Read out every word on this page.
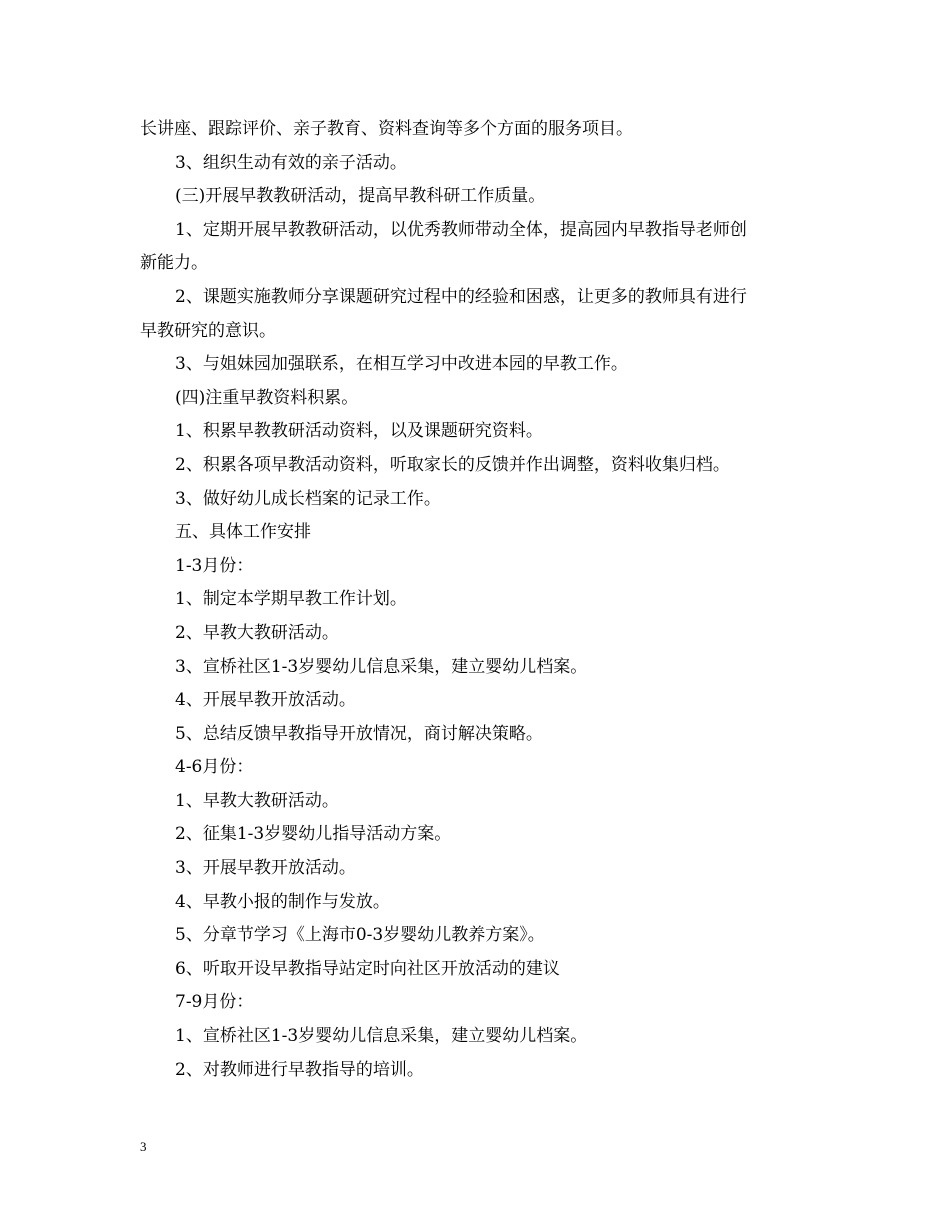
长讲座、跟踪评价、亲子教育、资料查询等多个方面的服务项目。
3、组织生动有效的亲子活动。
(三)开展早教教研活动，提高早教科研工作质量。
1、定期开展早教教研活动，以优秀教师带动全体，提高园内早教指导老师创
新能力。
2、课题实施教师分享课题研究过程中的经验和困惑，让更多的教师具有进行
早教研究的意识。
3、与姐妹园加强联系，在相互学习中改进本园的早教工作。
(四)注重早教资料积累。
1、积累早教教研活动资料，以及课题研究资料。
2、积累各项早教活动资料，听取家长的反馈并作出调整，资料收集归档。
3、做好幼儿成长档案的记录工作。
五、具体工作安排
1-3月份：
1、制定本学期早教工作计划。
2、早教大教研活动。
3、宣桥社区1-3岁婴幼儿信息采集，建立婴幼儿档案。
4、开展早教开放活动。
5、总结反馈早教指导开放情况，商讨解决策略。
4-6月份：
1、早教大教研活动。
2、征集1-3岁婴幼儿指导活动方案。
3、开展早教开放活动。
4、早教小报的制作与发放。
5、分章节学习《上海市0-3岁婴幼儿教养方案》。
6、听取开设早教指导站定时向社区开放活动的建议
7-9月份：
1、宣桥社区1-3岁婴幼儿信息采集，建立婴幼儿档案。
2、对教师进行早教指导的培训。
3
